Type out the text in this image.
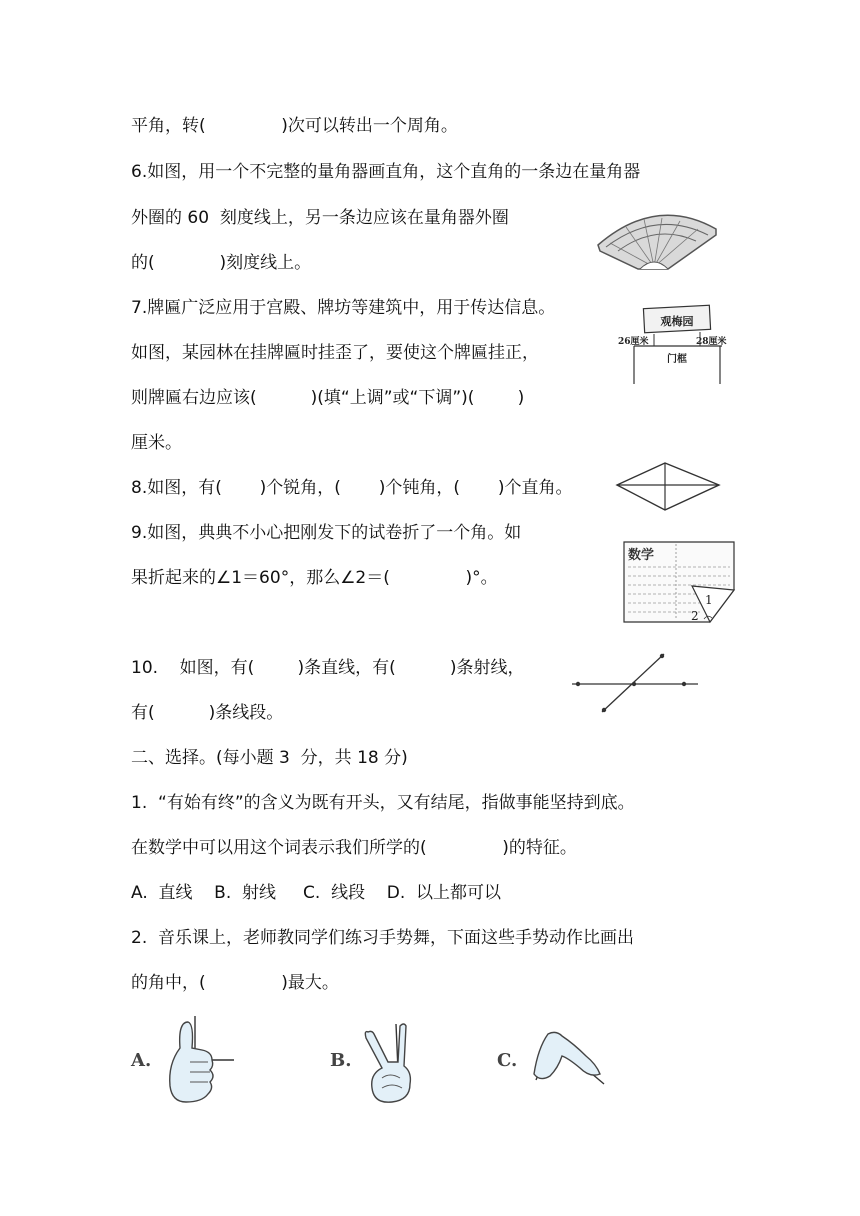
平角，转(              )次可以转出一个周角。
6.如图，用一个不完整的量角器画直角，这个直角的一条边在量角器
外圈的 60  刻度线上，另一条边应该在量角器外圈
的(            )刻度线上。
7.牌匾广泛应用于宫殿、牌坊等建筑中，用于传达信息。
如图，某园林在挂牌匾时挂歪了，要使这个牌匾挂正，
则牌匾右边应该(          )(填“上调”或“下调”)(        )
厘米。
8.如图，有(       )个锐角，(       )个钝角，(       )个直角。
9.如图，典典不小心把刚发下的试卷折了一个角。如
果折起来的∠1＝60°，那么∠2＝(              )°。
10.    如图，有(        )条直线，有(          )条射线，
有(          )条线段。
二、选择。(每小题 3  分，共 18 分)
1.  “有始有终”的含义为既有开头，又有结尾，指做事能坚持到底。
在数学中可以用这个词表示我们所学的(              )的特征。
A.  直线    B.  射线     C.  线段    D.  以上都可以
2.  音乐课上，老师教同学们练习手势舞，下面这些手势动作比画出
的角中，(              )最大。
观梅园
26厘米	28厘米
门框
数学
1
2
A.	B.	C.
